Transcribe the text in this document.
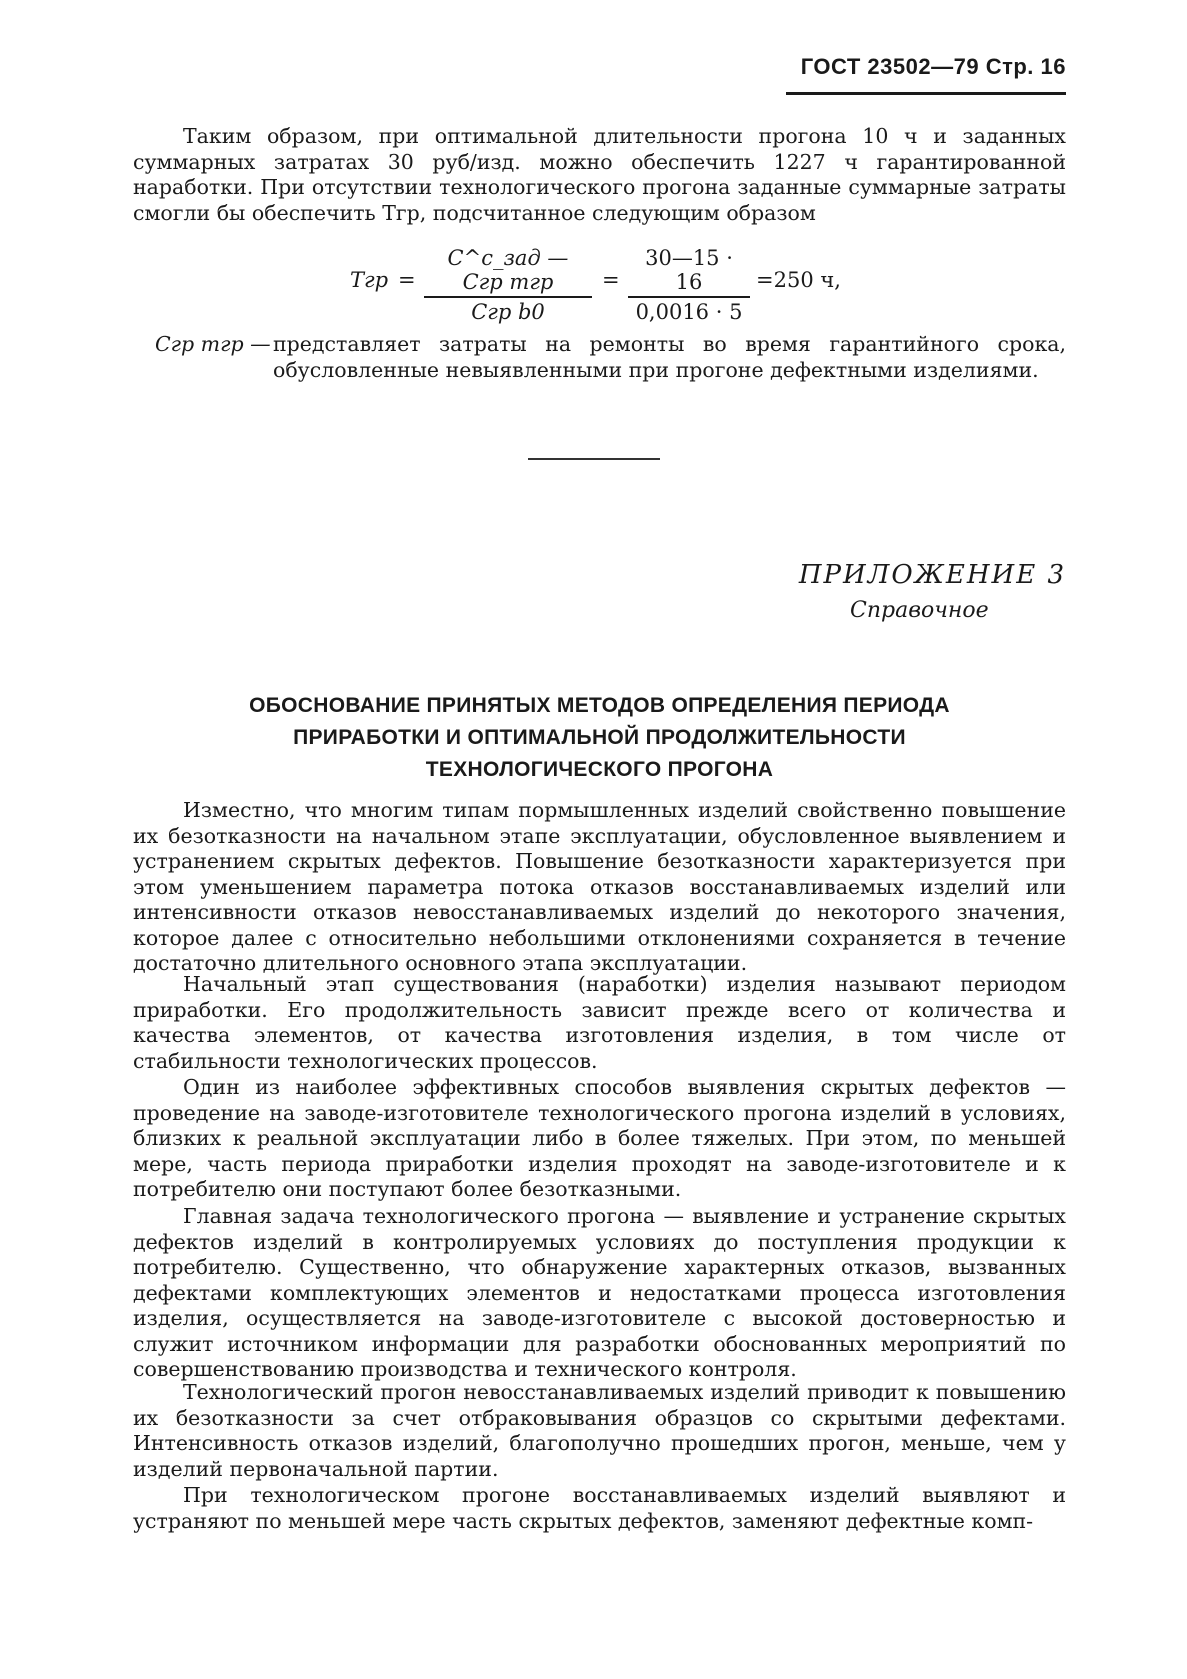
ГОСТ 23502—79 Стр. 16

Таким образом, при оптимальной длительности прогона 10 ч и заданных суммарных затратах 30 руб/изд. можно обеспечить 1227 ч гарантированной наработки. При отсутствии технологического прогона заданные суммарные затраты смогли бы обеспечить Tгр, подсчитанное следующим образом

Tгр =
C^c_зад — Cгр mгр
Cгр b0
=
30—15 · 16
0,0016 · 5
=250 ч,
Cгр mгр — представляет затраты на ремонты во время гарантийного срока, обусловленные невыявленными при прогоне дефектными изделиями.
ПРИЛОЖЕНИЕ 3
Справочное
ОБОСНОВАНИЕ ПРИНЯТЫХ МЕТОДОВ ОПРЕДЕЛЕНИЯ ПЕРИОДА
ПРИРАБОТКИ И ОПТИМАЛЬНОЙ ПРОДОЛЖИТЕЛЬНОСТИ
ТЕХНОЛОГИЧЕСКОГО ПРОГОНА

Изместно, что многим типам пормышленных изделий свойственно повышение их безотказности на начальном этапе эксплуатации, обусловленное выявлением и устранением скрытых дефектов. Повышение безотказности характеризуется при этом уменьшением параметра потока отказов восстанавливаемых изделий или интенсивности отказов невосстанавливаемых изделий до некоторого значения, которое далее с относительно небольшими отклонениями сохраняется в течение достаточно длительного основного этапа эксплуатации.

Начальный этап существования (наработки) изделия называют периодом приработки. Его продолжительность зависит прежде всего от количества и качества элементов, от качества изготовления изделия, в том числе от стабильности технологических процессов.

Один из наиболее эффективных способов выявления скрытых дефектов — проведение на заводе-изготовителе технологического прогона изделий в условиях, близких к реальной эксплуатации либо в более тяжелых. При этом, по меньшей мере, часть периода приработки изделия проходят на заводе-изготовителе и к потребителю они поступают более безотказными.

Главная задача технологического прогона — выявление и устранение скрытых дефектов изделий в контролируемых условиях до поступления продукции к потребителю. Существенно, что обнаружение характерных отказов, вызванных дефектами комплектующих элементов и недостатками процесса изготовления изделия, осуществляется на заводе-изготовителе с высокой достоверностью и служит источником информации для разработки обоснованных мероприятий по совершенствованию производства и технического контроля.

Технологический прогон невосстанавливаемых изделий приводит к повышению их безотказности за счет отбраковывания образцов со скрытыми дефектами. Интенсивность отказов изделий, благополучно прошедших прогон, меньше, чем у изделий первоначальной партии.

При технологическом прогоне восстанавливаемых изделий выявляют и устраняют по меньшей мере часть скрытых дефектов, заменяют дефектные комп-
